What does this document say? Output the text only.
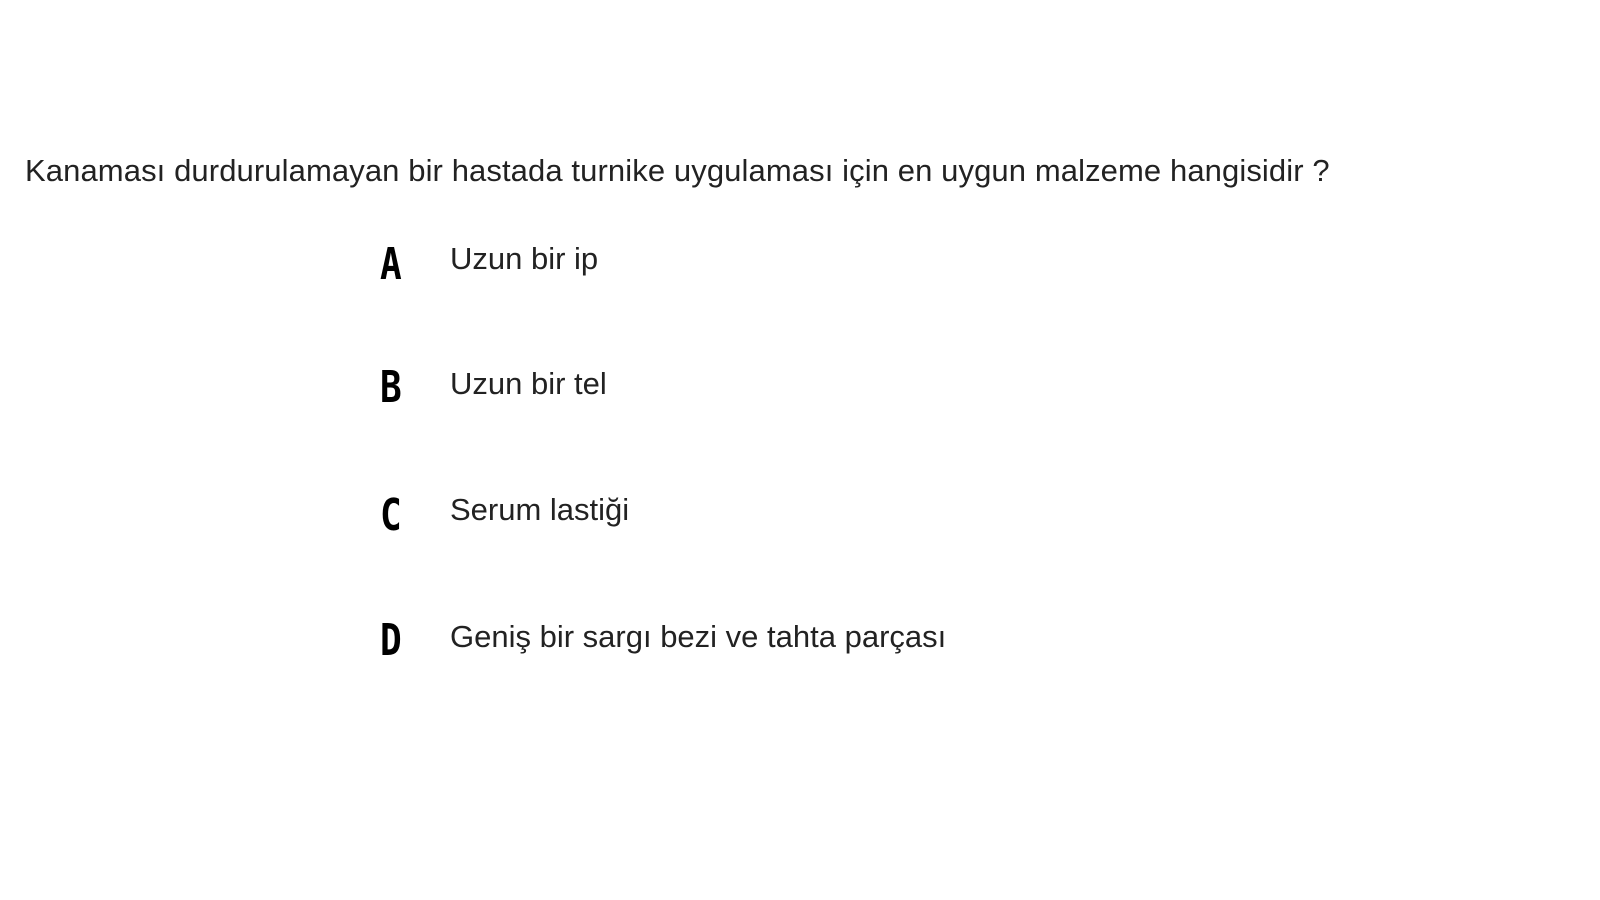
Kanaması durdurulamayan bir hastada turnike uygulaması için en uygun malzeme hangisidir ?
A	Uzun bir ip
B	Uzun bir tel
C	Serum lastiği
D	Geniş bir sargı bezi ve tahta parçası
